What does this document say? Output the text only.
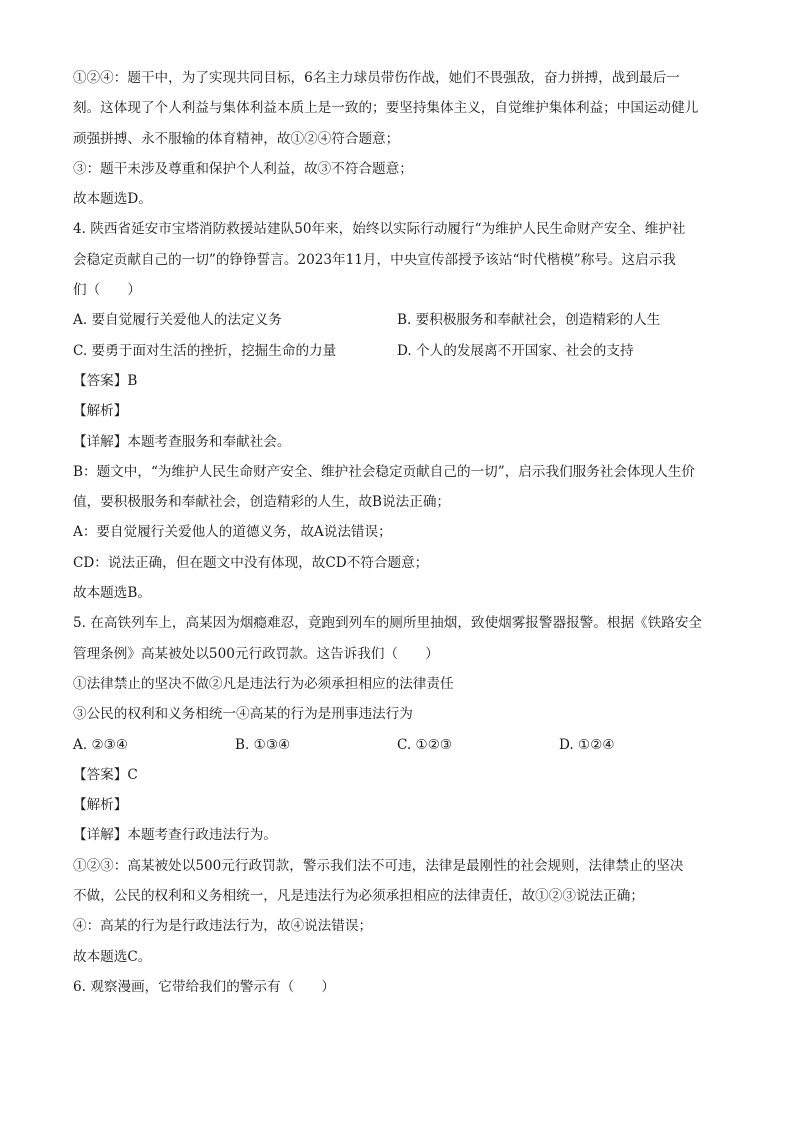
①②④：题干中，为了实现共同目标，6名主力球员带伤作战，她们不畏强敌，奋力拼搏，战到最后一
刻。这体现了个人利益与集体利益本质上是一致的；要坚持集体主义，自觉维护集体利益；中国运动健儿
顽强拼搏、永不服输的体育精神，故①②④符合题意；
③：题干未涉及尊重和保护个人利益，故③不符合题意；
故本题选D。
4. 陕西省延安市宝塔消防救援站建队50年来，始终以实际行动履行“为维护人民生命财产安全、维护社
会稳定贡献自己的一切”的铮铮誓言。2023年11月，中央宣传部授予该站“时代楷模”称号。这启示我
们（　　）
A. 要自觉履行关爱他人的法定义务	B. 要积极服务和奉献社会，创造精彩的人生
C. 要勇于面对生活的挫折，挖掘生命的力量	D. 个人的发展离不开国家、社会的支持
【答案】B
【解析】
【详解】本题考查服务和奉献社会。
B：题文中，“为维护人民生命财产安全、维护社会稳定贡献自己的一切”，启示我们服务社会体现人生价
值，要积极服务和奉献社会，创造精彩的人生，故B说法正确；
A：要自觉履行关爱他人的道德义务，故A说法错误；
CD：说法正确，但在题文中没有体现，故CD不符合题意；
故本题选B。
5. 在高铁列车上，高某因为烟瘾难忍，竟跑到列车的厕所里抽烟，致使烟雾报警器报警。根据《铁路安全
管理条例》高某被处以500元行政罚款。这告诉我们（　　）
①法律禁止的坚决不做②凡是违法行为必须承担相应的法律责任
③公民的权利和义务相统一④高某的行为是刑事违法行为
A. ②③④	B. ①③④	C. ①②③	D. ①②④
【答案】C
【解析】
【详解】本题考查行政违法行为。
①②③：高某被处以500元行政罚款，警示我们法不可违，法律是最刚性的社会规则，法律禁止的坚决
不做，公民的权利和义务相统一，凡是违法行为必须承担相应的法律责任，故①②③说法正确；
④：高某的行为是行政违法行为，故④说法错误；
故本题选C。
6. 观察漫画，它带给我们的警示有（　　）
